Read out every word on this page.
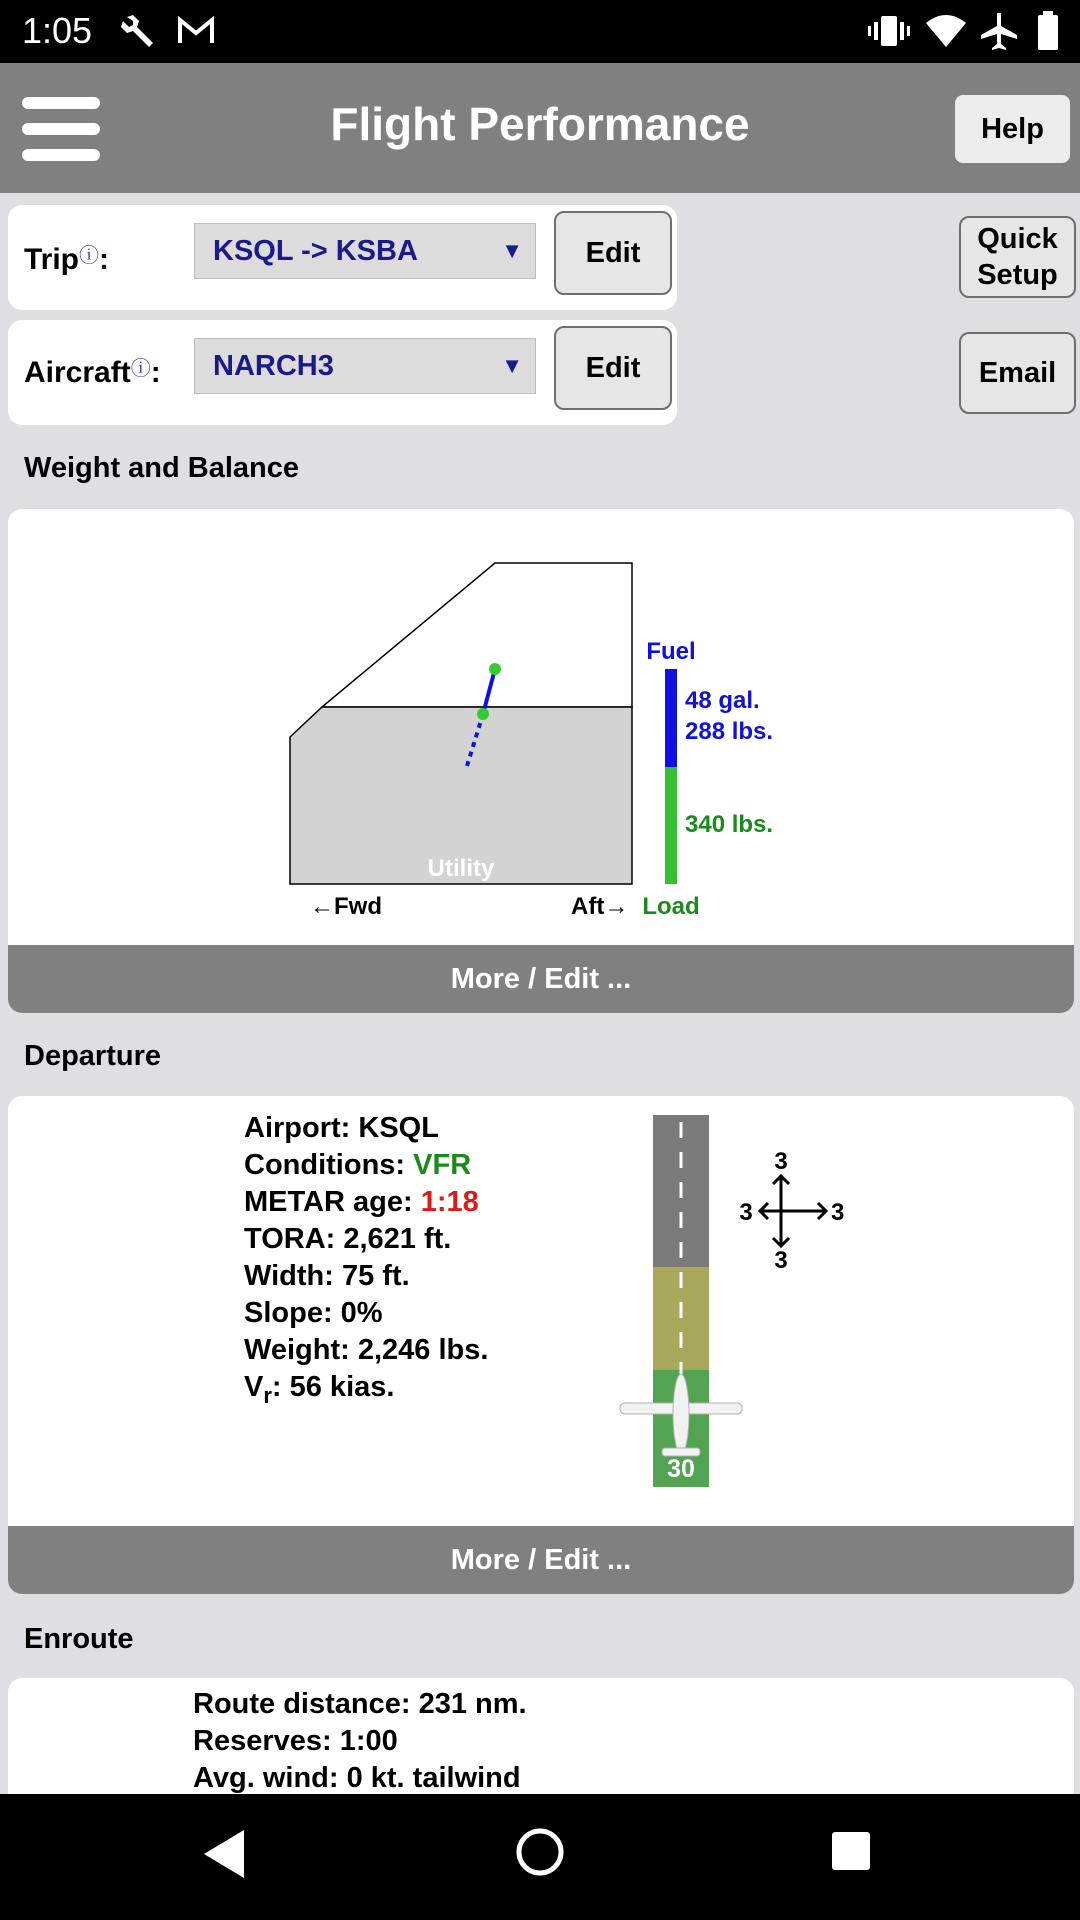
1:05
Flight Performance	Help
Tripⓘ:	KSQL -> KSBA	▼	Edit
Aircraftⓘ: NARCH3	▼	Edit
Quick
Setup
Email
Weight and Balance
Utility
Fuel
48 gal.
288 lbs.
340 lbs.
Load
←Fwd	Aft→
More / Edit ...
Departure
Airport: KSQL
Conditions: VFR
METAR age: 1:18
TORA: 2,621 ft.
Width: 75 ft.
Slope: 0%
Weight: 2,246 lbs.
$V_r$: 56 kias.
30
3
3	3
3
More / Edit ...
Enroute
Route distance: 231 nm.
Reserves: 1:00
Avg. wind: 0 kt. tailwind
